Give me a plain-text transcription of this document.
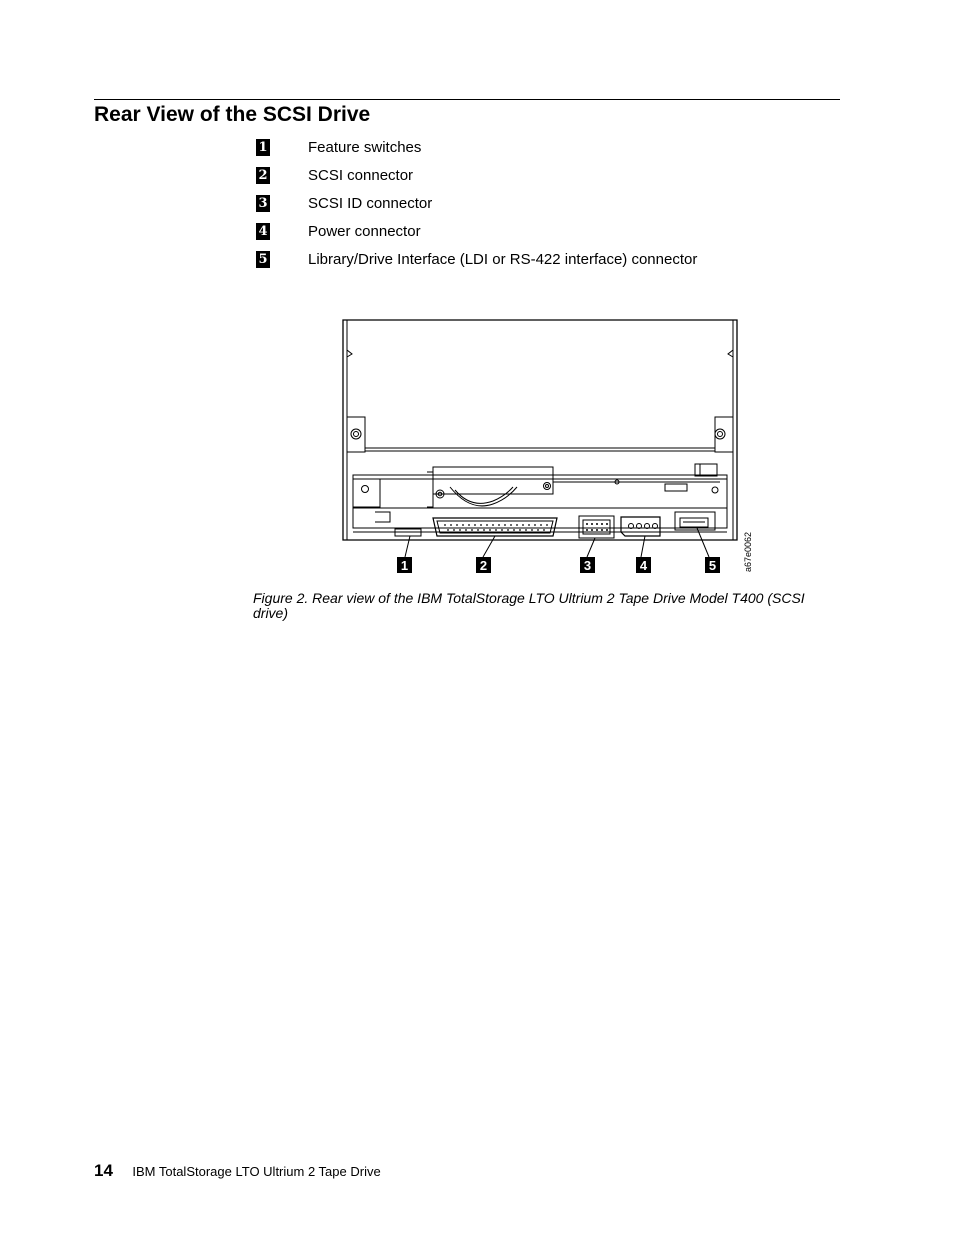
Rear View of the SCSI Drive
1	Feature switches
2	SCSI connector
3	SCSI ID connector
4	Power connector
5	Library/Drive Interface (LDI or RS-422 interface) connector
1	2	3	4	5	a67e0062
Figure 2. Rear view of the IBM TotalStorage LTO Ultrium 2 Tape Drive Model T400 (SCSI drive)
14 IBM TotalStorage LTO Ultrium 2 Tape Drive
